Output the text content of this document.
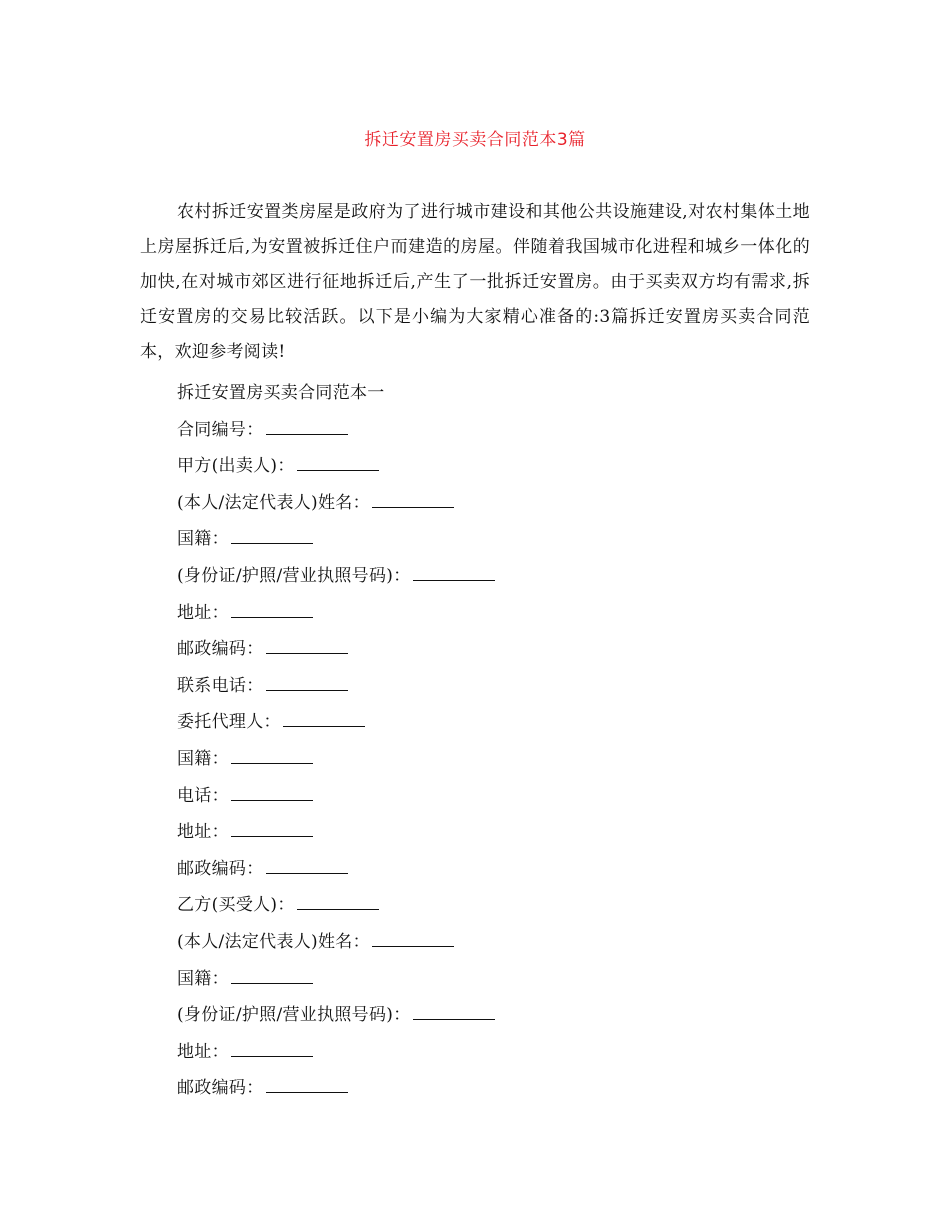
拆迁安置房买卖合同范本3篇
农村拆迁安置类房屋是政府为了进行城市建设和其他公共设施建设,对农村集体土地上房屋拆迁后,为安置被拆迁住户而建造的房屋。伴随着我国城市化进程和城乡一体化的加快,在对城市郊区进行征地拆迁后,产生了一批拆迁安置房。由于买卖双方均有需求,拆迁安置房的交易比较活跃。以下是小编为大家精心准备的:3篇拆迁安置房买卖合同范本，欢迎参考阅读!
拆迁安置房买卖合同范本一
合同编号：
甲方(出卖人)：
(本人/法定代表人)姓名：
国籍：
(身份证/护照/营业执照号码)：
地址：
邮政编码：
联系电话：
委托代理人：
国籍：
电话：
地址：
邮政编码：
乙方(买受人)：
(本人/法定代表人)姓名：
国籍：
(身份证/护照/营业执照号码)：
地址：
邮政编码：
